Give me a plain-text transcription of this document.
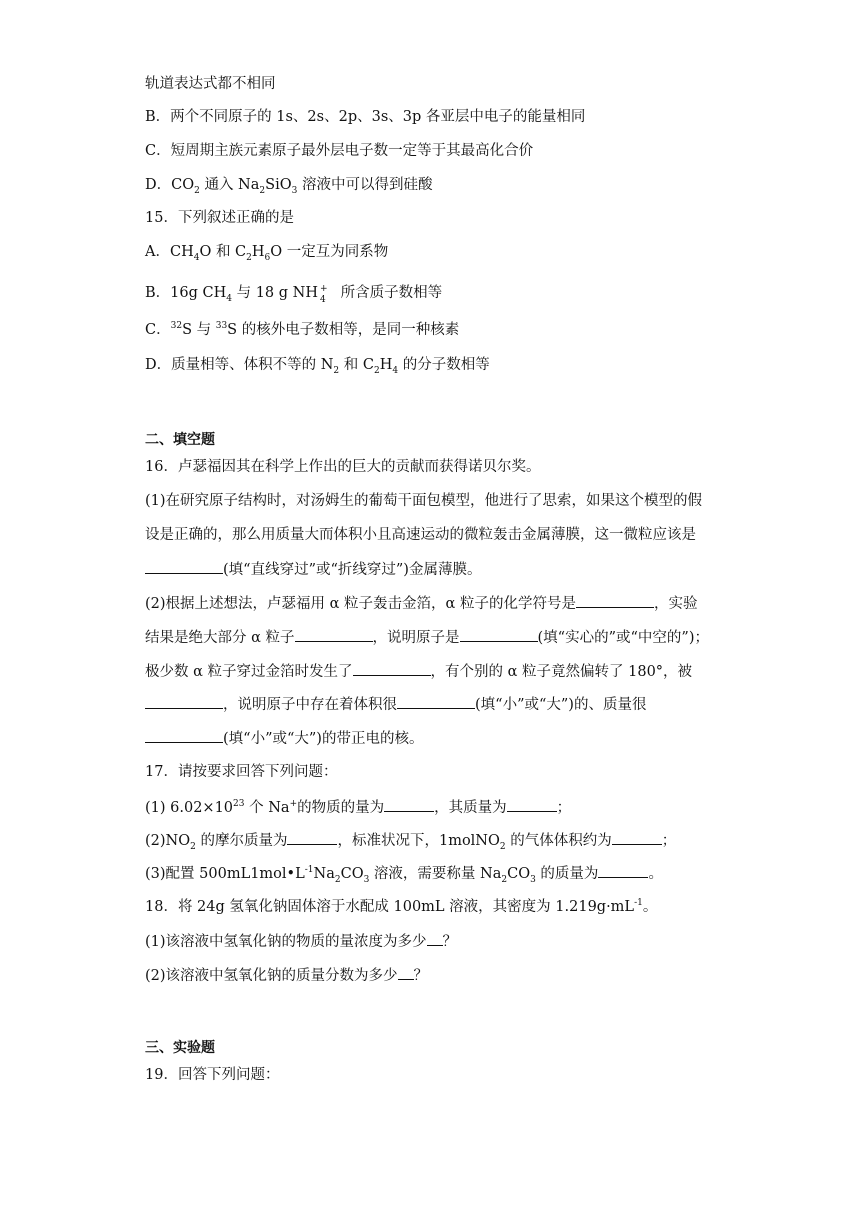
轨道表达式都不相同
B．两个不同原子的 1s、2s、2p、3s、3p 各亚层中电子的能量相同
C．短周期主族元素原子最外层电子数一定等于其最高化合价
D．$CO_2$ 通入 $Na_2SiO_3$ 溶液中可以得到硅酸
15．下列叙述正确的是
A．$CH_4O$ 和 $C_2H_6O$ 一定互为同系物
B．16g $CH_4$ 与 18 g NH +
4 所含质子数相等
C．$^{32}$S 与 $^{33}$S 的核外电子数相等，是同一种核素
D．质量相等、体积不等的 $N_2$ 和 $C_2H_4$ 的分子数相等
二、填空题
16．卢瑟福因其在科学上作出的巨大的贡献而获得诺贝尔奖。
(1)在研究原子结构时，对汤姆生的葡萄干面包模型，他进行了思索，如果这个模型的假
设是正确的，那么用质量大而体积小且高速运动的微粒轰击金属薄膜，这一微粒应该是
(填“直线穿过”或“折线穿过”)金属薄膜。
(2)根据上述想法，卢瑟福用 α 粒子轰击金箔，α 粒子的化学符号是	，实验
结果是绝大部分 α 粒子	，说明原子是	(填“实心的”或“中空的”)；
极少数 α 粒子穿过金箔时发生了	，有个别的 α 粒子竟然偏转了 180°，被
，说明原子中存在着体积很	(填“小”或“大”)的、质量很
(填“小”或“大”)的带正电的核。
17．请按要求回答下列问题：
(1) $6.02\times 10^{23}$ 个 Na+的物质的量为	，其质量为	；
$(2)NO_2$ 的摩尔质量为	，标准状况下，1molNO$_2$ 的气体体积约为	；
(3)配置 $500mL1mol•L^{-1}Na_2CO_3$ 溶液，需要称量 $Na_2CO_3$ 的质量为	。
18．将 24g 氢氧化钠固体溶于水配成 100mL 溶液，其密度为 $1.219g\cdot mL^{-1}$。
(1)该溶液中氢氧化钠的物质的量浓度为多少 ？
(2)该溶液中氢氧化钠的质量分数为多少 ？
三、实验题
19．回答下列问题：
